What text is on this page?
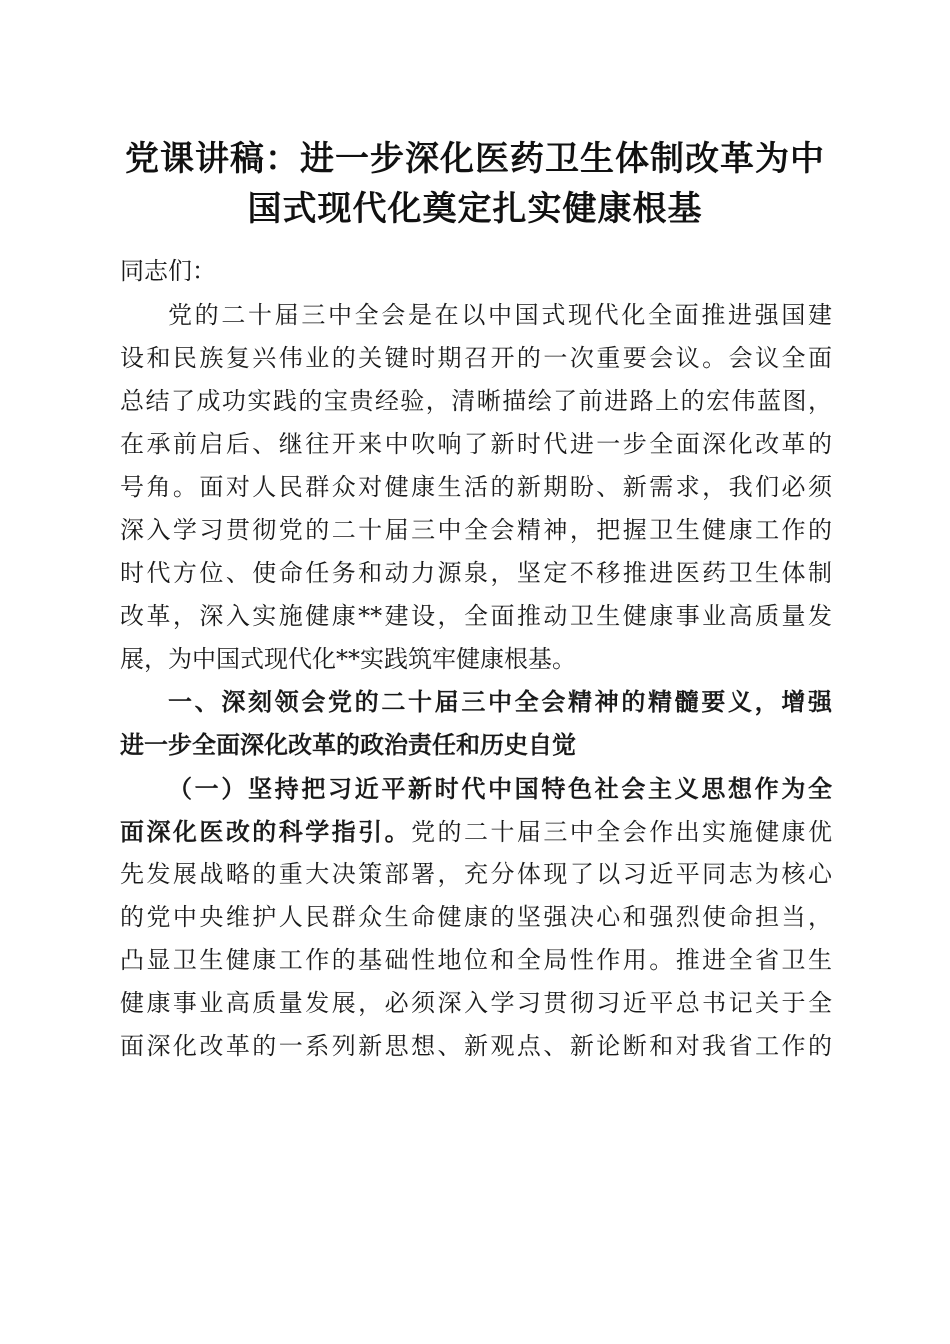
党课讲稿：进一步深化医药卫生体制改革为中
国式现代化奠定扎实健康根基
同志们：
党的二十届三中全会是在以中国式现代化全面推进强国建
设和民族复兴伟业的关键时期召开的一次重要会议。会议全面
总结了成功实践的宝贵经验，清晰描绘了前进路上的宏伟蓝图，
在承前启后、继往开来中吹响了新时代进一步全面深化改革的
号角。面对人民群众对健康生活的新期盼、新需求，我们必须
深入学习贯彻党的二十届三中全会精神，把握卫生健康工作的
时代方位、使命任务和动力源泉，坚定不移推进医药卫生体制
改革，深入实施健康**建设，全面推动卫生健康事业高质量发
展，为中国式现代化**实践筑牢健康根基。
一、深刻领会党的二十届三中全会精神的精髓要义，增强
进一步全面深化改革的政治责任和历史自觉
（一）坚持把习近平新时代中国特色社会主义思想作为全
面深化医改的科学指引。党的二十届三中全会作出实施健康优
先发展战略的重大决策部署，充分体现了以习近平同志为核心
的党中央维护人民群众生命健康的坚强决心和强烈使命担当，
凸显卫生健康工作的基础性地位和全局性作用。推进全省卫生
健康事业高质量发展，必须深入学习贯彻习近平总书记关于全
面深化改革的一系列新思想、新观点、新论断和对我省工作的
